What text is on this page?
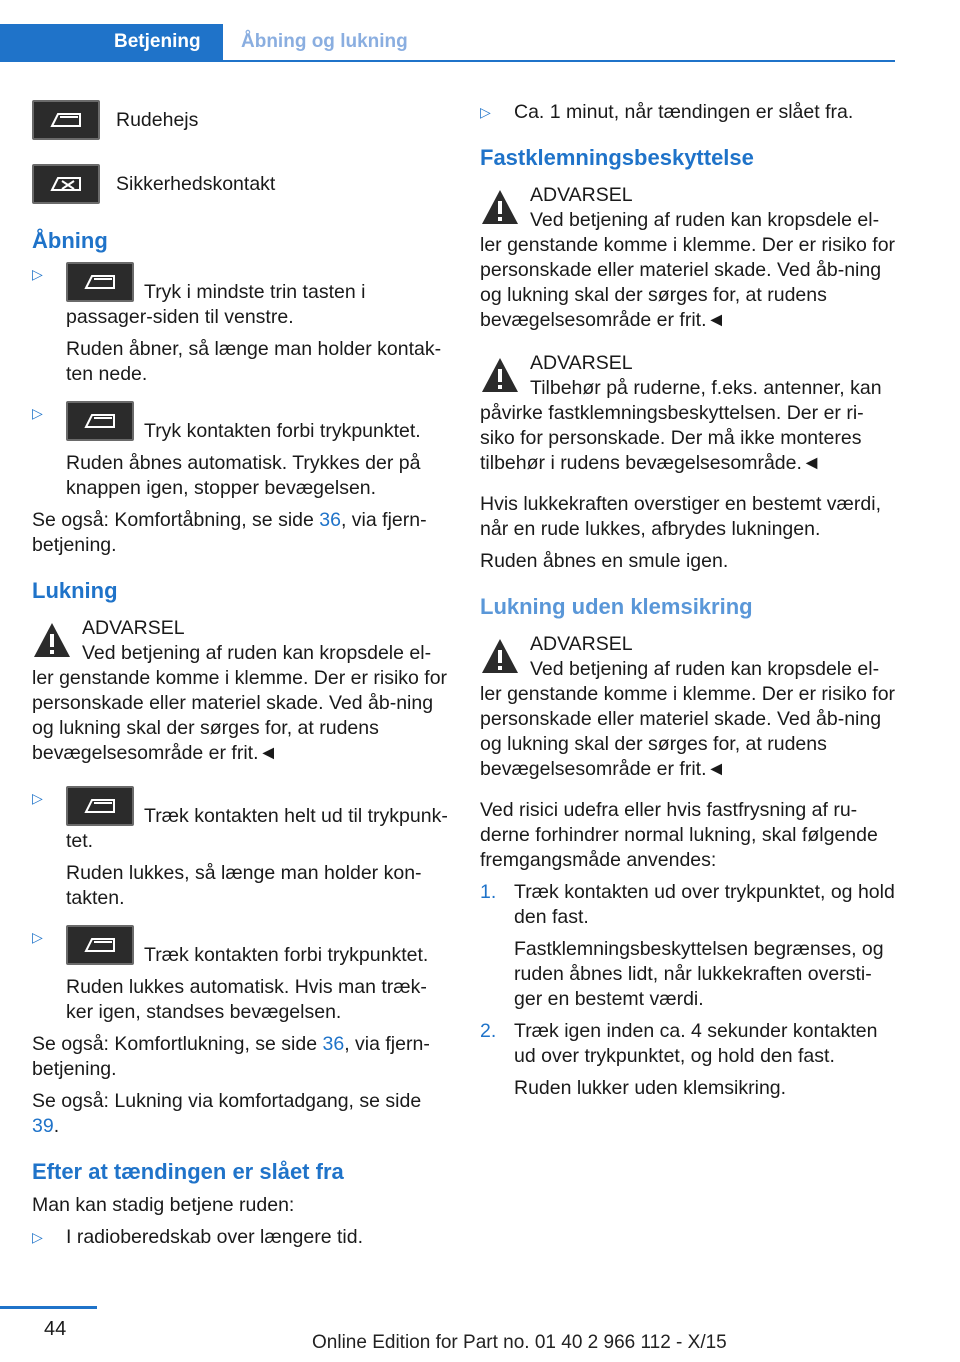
Betjening Åbning og lukning
Rudehejs
Sikkerhedskontakt
Åbning
▷
Tryk i mindste trin tasten i passager-siden til venstre.
Ruden åbner, så længe man holder kontak-ten nede.
▷
Tryk kontakten forbi trykpunktet.
Ruden åbnes automatisk. Trykkes der på knappen igen, stopper bevægelsen.
Se også: Komfortåbning, se side 36, via fjern-betjening.
Lukning
ADVARSEL
Ved betjening af ruden kan kropsdele el-ler genstande komme i klemme. Der er risiko for personskade eller materiel skade. Ved åb-ning og lukning skal der sørges for, at rudens bevægelsesområde er frit.◄
▷
Træk kontakten helt ud til trykpunk-tet.
Ruden lukkes, så længe man holder kon-takten.
▷
Træk kontakten forbi trykpunktet.
Ruden lukkes automatisk. Hvis man træk-ker igen, standses bevægelsen.
Se også: Komfortlukning, se side 36, via fjern-betjening.
Se også: Lukning via komfortadgang, se side 39.
Efter at tændingen er slået fra
Man kan stadig betjene ruden:
▷ I radioberedskab over længere tid.
▷ Ca. 1 minut, når tændingen er slået fra.
Fastklemningsbeskyttelse
ADVARSEL
Ved betjening af ruden kan kropsdele el-ler genstande komme i klemme. Der er risiko for personskade eller materiel skade. Ved åb-ning og lukning skal der sørges for, at rudens bevægelsesområde er frit.◄
ADVARSEL
Tilbehør på ruderne, f.eks. antenner, kan påvirke fastklemningsbeskyttelsen. Der er ri-siko for personskade. Der må ikke monteres tilbehør i rudens bevægelsesområde.◄
Hvis lukkekraften overstiger en bestemt værdi, når en rude lukkes, afbrydes lukningen.
Ruden åbnes en smule igen.
Lukning uden klemsikring
ADVARSEL
Ved betjening af ruden kan kropsdele el-ler genstande komme i klemme. Der er risiko for personskade eller materiel skade. Ved åb-ning og lukning skal der sørges for, at rudens bevægelsesområde er frit.◄
Ved risici udefra eller hvis fastfrysning af ru-derne forhindrer normal lukning, skal følgende fremgangsmåde anvendes:
1. Træk kontakten ud over trykpunktet, og hold den fast.
Fastklemningsbeskyttelsen begrænses, og ruden åbnes lidt, når lukkekraften oversti-ger en bestemt værdi.
2. Træk igen inden ca. 4 sekunder kontakten ud over trykpunktet, og hold den fast.
Ruden lukker uden klemsikring.
44
Online Edition for Part no. 01 40 2 966 112 - X/15
